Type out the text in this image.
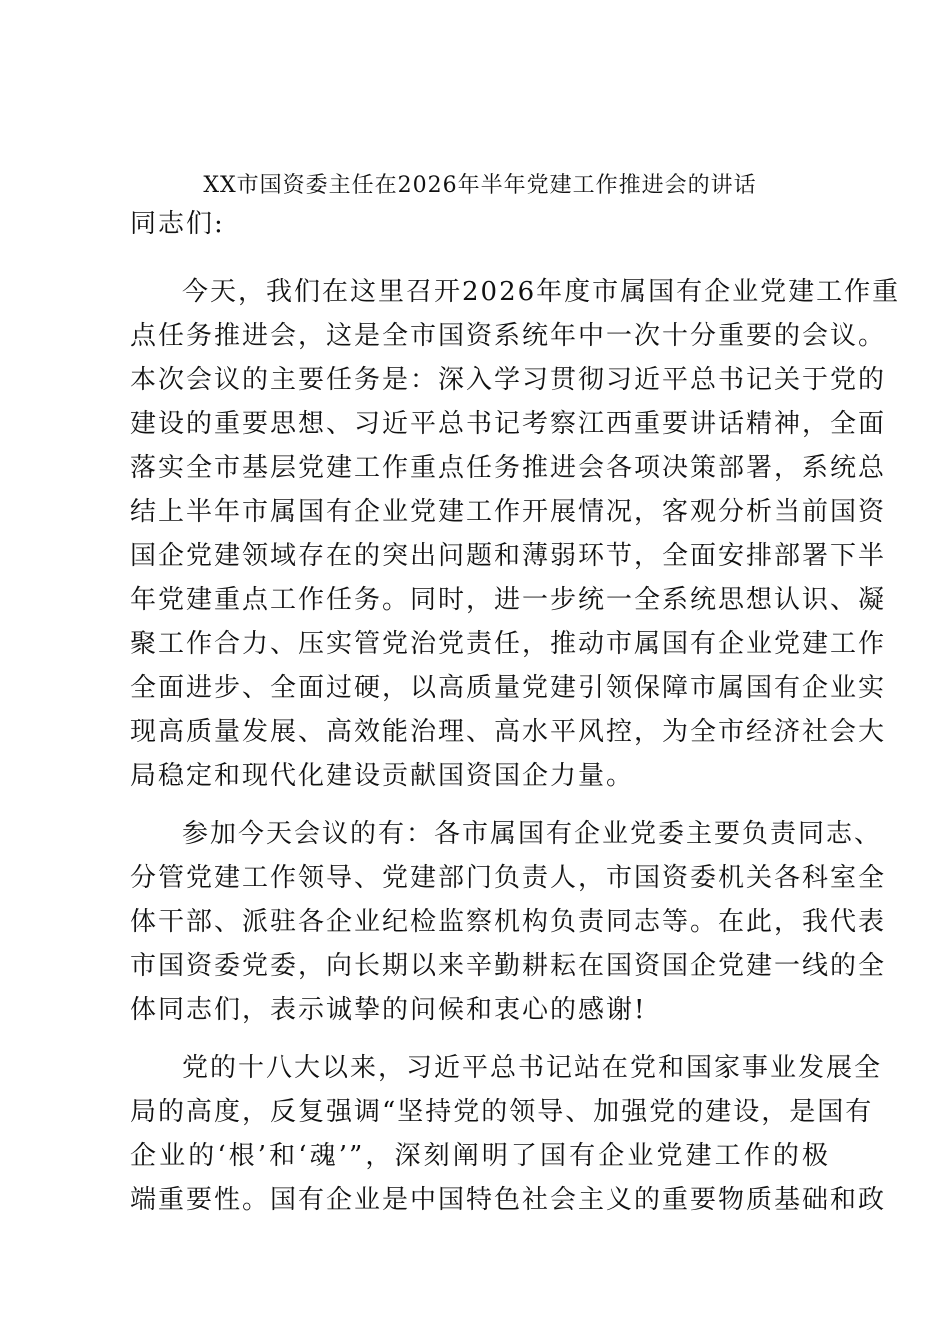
XX市国资委主任在2026年半年党建工作推进会的讲话
同志们:
今天，我们在这里召开2026年度市属国有企业党建工作重
点任务推进会，这是全市国资系统年中一次十分重要的会议。
本次会议的主要任务是：深入学习贯彻习近平总书记关于党的
建设的重要思想、习近平总书记考察江西重要讲话精神，全面
落实全市基层党建工作重点任务推进会各项决策部署，系统总
结上半年市属国有企业党建工作开展情况，客观分析当前国资
国企党建领域存在的突出问题和薄弱环节，全面安排部署下半
年党建重点工作任务。同时，进一步统一全系统思想认识、凝
聚工作合力、压实管党治党责任，推动市属国有企业党建工作
全面进步、全面过硬，以高质量党建引领保障市属国有企业实
现高质量发展、高效能治理、高水平风控，为全市经济社会大
局稳定和现代化建设贡献国资国企力量。
参加今天会议的有：各市属国有企业党委主要负责同志、
分管党建工作领导、党建部门负责人，市国资委机关各科室全
体干部、派驻各企业纪检监察机构负责同志等。在此，我代表
市国资委党委，向长期以来辛勤耕耘在国资国企党建一线的全
体同志们，表示诚挚的问候和衷心的感谢!
党的十八大以来，习近平总书记站在党和国家事业发展全
局的高度，反复强调“坚持党的领导、加强党的建设，是国有
企业的‘根’和‘魂’”，深刻阐明了国有企业党建工作的极
端重要性。国有企业是中国特色社会主义的重要物质基础和政
